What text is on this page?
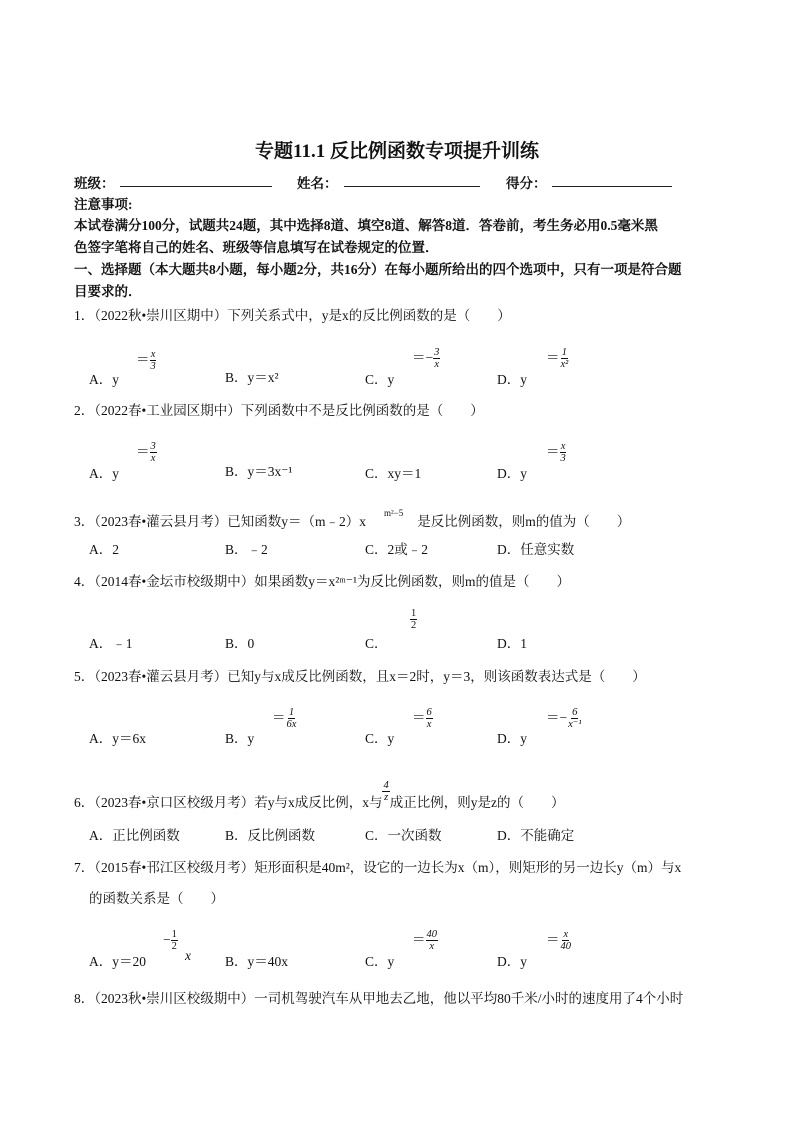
专题11.1 反比例函数专项提升训练
班级：	姓名：	得分：
注意事项:
本试卷满分100分，试题共24题，其中选择8道、填空8道、解答8道．答卷前，考生务必用0.5毫米黑
色签字笔将自己的姓名、班级等信息填写在试卷规定的位置．
一、选择题（本大题共8小题，每小题2分，共16分）在每小题所给出的四个选项中，只有一项是符合题
目要求的．
1．（2022秋•崇川区期中）下列关系式中，y是x的反比例函数的是（　　）
A．y
＝ $\frac{x}{3}$
B．y＝x²	C．y
＝− $\frac{3}{x}$
D．y
＝ $\frac{1}{\text{x²}}$
2．（2022春•工业园区期中）下列函数中不是反比例函数的是（　　）
A．y
＝ $\frac{3}{x}$
B．y＝3x⁻¹	C．xy＝1	D．y
＝ $\frac{x}{3}$
3．（2023春•灌云县月考）已知函数$y=(m﹣2)x^{m^2-5}$是反比例函数，则m的值为（　　）
A．2	B．﹣2	C．2或﹣2	D．任意实数
4．（2014春•金坛市校级期中）如果函数y＝x²ᵐ⁻¹为反比例函数，则m的值是（　　）
A．﹣1	B．0	C．
$\frac{1}{2}$
D．1
5．（2023春•灌云县月考）已知y与x成反比例函数，且x＝2时，y＝3，则该函数表达式是（　　）
A．y＝6x	B．y
＝ $\frac{1}{6x}$
C．y
＝ $\frac{6}{x}$
D．y
＝− $\frac{6}{\text{x⁻¹}}$
6．（2023春•京口区校级月考）若y与x成反比例，x与 $\frac{4}{z}$ 成正比例，则y是z的（　　）
A．正比例函数	B．反比例函数	C．一次函数	D．不能确定
7．（2015春•邗江区校级月考）矩形面积是40m²，设它的一边长为x（m），则矩形的另一边长y（m）与x
的函数关系是（　　）
A．y＝20
− $\frac{1}{2}$
x	B．y＝40x	C．y
＝ $\frac{40}{x}$
D．y
＝ $\frac{x}{40}$
8．（2023秋•崇川区校级期中）一司机驾驶汽车从甲地去乙地，他以平均80千米/小时的速度用了4个小时
